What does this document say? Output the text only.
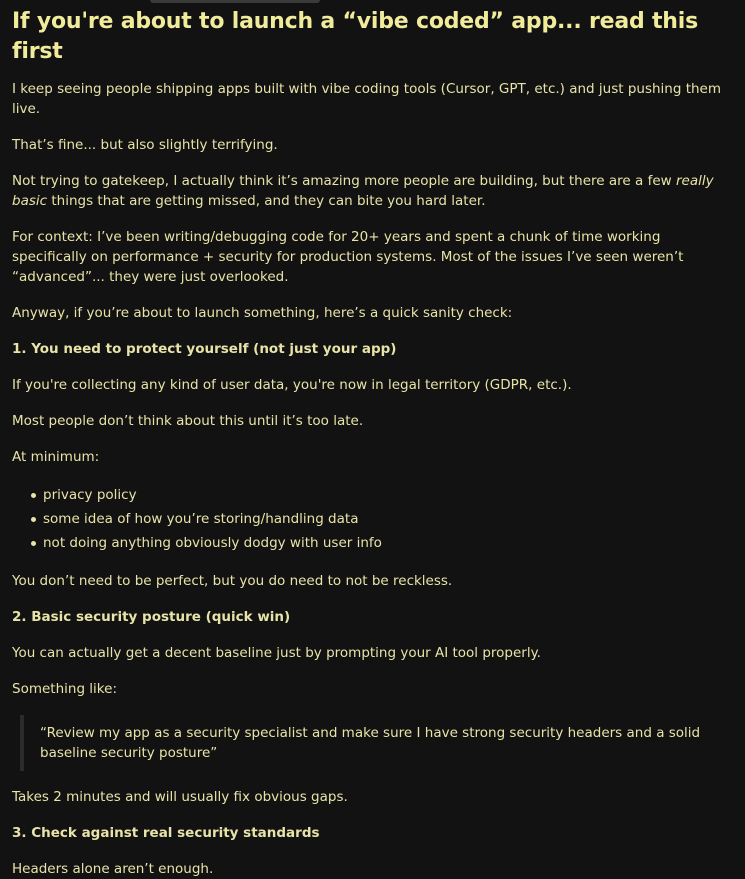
If you're about to launch a “vibe coded” app... read this first

I keep seeing people shipping apps built with vibe coding tools (Cursor, GPT, etc.) and just pushing them live.

That’s fine... but also slightly terrifying.

Not trying to gatekeep, I actually think it’s amazing more people are building, but there are a few really basic things that are getting missed, and they can bite you hard later.

For context: I’ve been writing/debugging code for 20+ years and spent a chunk of time working specifically on performance + security for production systems. Most of the issues I’ve seen weren’t “advanced”... they were just overlooked.

Anyway, if you’re about to launch something, here’s a quick sanity check:

1. You need to protect yourself (not just your app)

If you're collecting any kind of user data, you're now in legal territory (GDPR, etc.).

Most people don’t think about this until it’s too late.

At minimum:

privacy policy
some idea of how you’re storing/handling data
not doing anything obviously dodgy with user info

You don’t need to be perfect, but you do need to not be reckless.

2. Basic security posture (quick win)

You can actually get a decent baseline just by prompting your AI tool properly.

Something like:

“Review my app as a security specialist and make sure I have strong security headers and a solid baseline security posture”

Takes 2 minutes and will usually fix obvious gaps.

3. Check against real security standards

Headers alone aren’t enough.
